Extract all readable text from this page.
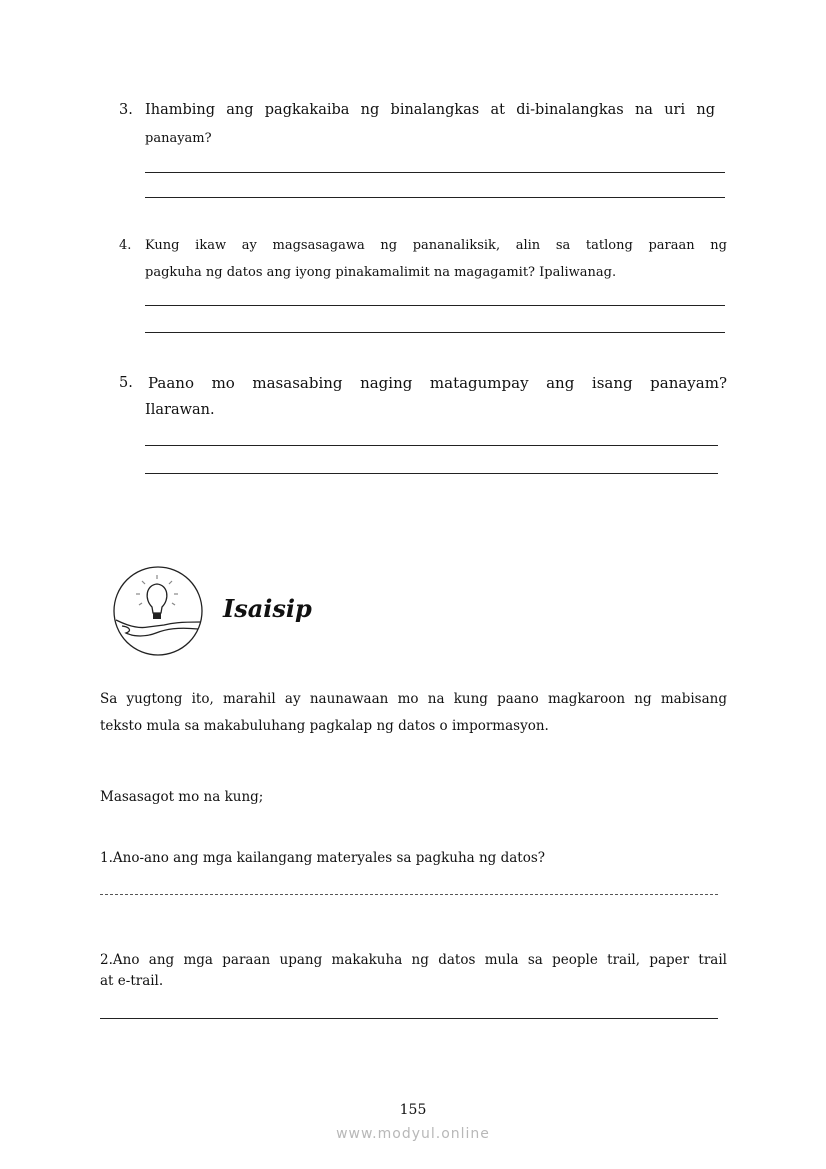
3. Ihambing ang pagkakaiba ng binalangkas at di-binalangkas na uri ng
panayam?
4. Kung ikaw ay magsasagawa ng pananaliksik, alin sa tatlong paraan ng
pagkuha ng datos ang iyong pinakamalimit na magagamit? Ipaliwanag.
5. Paano mo masasabing naging matagumpay ang isang panayam?
Ilarawan.
Isaisip
Sa yugtong ito, marahil ay naunawaan mo na kung paano magkaroon ng mabisang
teksto mula sa makabuluhang pagkalap ng datos o impormasyon.
Masasagot mo na kung;
1.Ano-ano ang mga kailangang materyales sa pagkuha ng datos?
2.Ano ang mga paraan upang makakuha ng datos mula sa people trail, paper trail
at e-trail.
155
www.modyul.online
